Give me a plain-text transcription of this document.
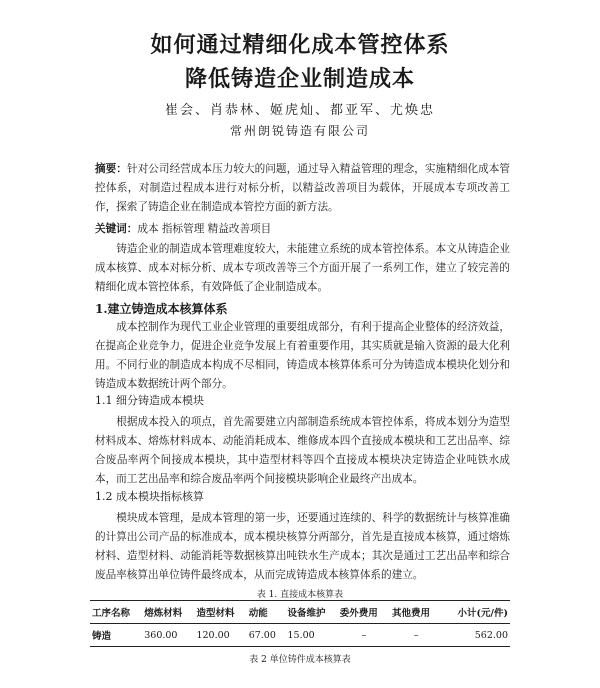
如何通过精细化成本管控体系
降低铸造企业制造成本
崔会、肖恭林、姬虎灿、都亚军、尤焕忠
常州朗锐铸造有限公司
摘要：针对公司经营成本压力较大的问题，通过导入精益管理的理念，实施精细化成本管控体系，对制造过程成本进行对标分析，以精益改善项目为载体，开展成本专项改善工作，探索了铸造企业在制造成本管控方面的新方法。
关键词：成本 指标管理 精益改善项目
铸造企业的制造成本管理难度较大，未能建立系统的成本管控体系。本文从铸造企业成本核算、成本对标分析、成本专项改善等三个方面开展了一系列工作，建立了较完善的精细化成本管控体系，有效降低了企业制造成本。
1.建立铸造成本核算体系
成本控制作为现代工业企业管理的重要组成部分，有利于提高企业整体的经济效益，在提高企业竞争力，促进企业竞争发展上有着重要作用，其实质就是输入资源的最大化利用。不同行业的制造成本构成不尽相同，铸造成本核算体系可分为铸造成本模块化划分和铸造成本数据统计两个部分。
1.1 细分铸造成本模块
根据成本投入的项点，首先需要建立内部制造系统成本管控体系，将成本划分为造型材料成本、熔炼材料成本、动能消耗成本、维修成本四个直接成本模块和工艺出品率、综合废品率两个间接成本模块，其中造型材料等四个直接成本模块决定铸造企业吨铁水成本，而工艺出品率和综合废品率两个间接模块影响企业最终产出成本。
1.2 成本模块指标核算
模块成本管理，是成本管理的第一步，还要通过连续的、科学的数据统计与核算准确的计算出公司产品的标准成本，成本模块核算分两部分，首先是直接成本核算，通过熔炼材料、造型材料、动能消耗等数据核算出吨铁水生产成本；其次是通过工艺出品率和综合废品率核算出单位铸件最终成本，从而完成铸造成本核算体系的建立。
表 1. 直接成本核算表
工序名称	熔炼材料	造型材料	动能	设备维护	委外费用	其他费用	小计(元/件)
铸造	360.00	120.00	67.00	15.00	–	–	562.00
表 2 单位铸件成本核算表
